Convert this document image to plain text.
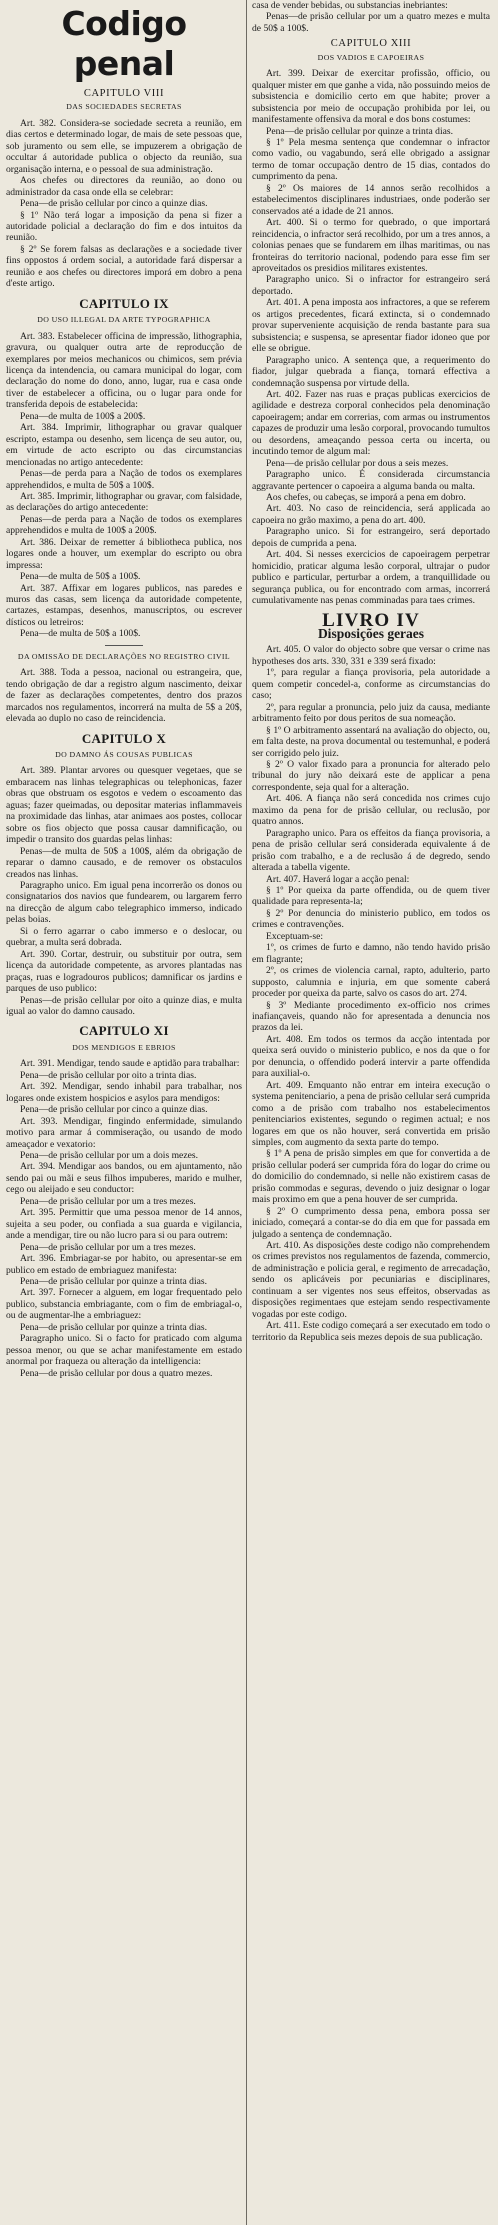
Codigo penal
CAPITULO VIII
DAS SOCIEDADES SECRETAS

Art. 382. Considera-se sociedade secreta a reunião, em dias certos e determinado logar, de mais de sete pessoas que, sob juramento ou sem elle, se impuzerem a obrigação de occultar á autoridade publica o objecto da reunião, sua organisação interna, e o pessoal de sua administração.

Aos chefes ou directores da reunião, ao dono ou administrador da casa onde ella se celebrar:

Pena—de prisão cellular por cinco a quinze dias.

§ 1º Não terá logar a imposição da pena si fizer a autoridade policial a declaração do fim e dos intuitos da reunião.

§ 2º Se forem falsas as declarações e a sociedade tiver fins oppostos á ordem social, a autoridade fará dispersar a reunião e aos chefes ou directores imporá em dobro a pena d'este artigo.

CAPITULO IX
DO USO ILLEGAL DA ARTE TYPOGRAPHICA

Art. 383. Estabelecer officina de impressão, lithographia, gravura, ou qualquer outra arte de reproducção de exemplares por meios mechanicos ou chimicos, sem prévia licença da intendencia, ou camara municipal do logar, com declaração do nome do dono, anno, lugar, rua e casa onde tiver de estabelecer a officina, ou o lugar para onde for transferida depois de estabelecida:

Pena—de multa de 100$ a 200$.

Art. 384. Imprimir, lithographar ou gravar qualquer escripto, estampa ou desenho, sem licença de seu autor, ou, em virtude de acto escripto ou das circumstancias mencionadas no artigo antecedente:

Penas—de perda para a Nação de todos os exemplares apprehendidos, e multa de 50$ a 100$.

Art. 385. Imprimir, lithographar ou gravar, com falsidade, as declarações do artigo antecedente:

Penas—de perda para a Nação de todos os exemplares apprehendidos e multa de 100$ a 200$.

Art. 386. Deixar de remetter á bibliotheca publica, nos logares onde a houver, um exemplar do escripto ou obra impressa:

Pena—de multa de 50$ a 100$.

Art. 387. Affixar em logares publicos, nas paredes e muros das casas, sem licença da autoridade competente, cartazes, estampas, desenhos, manuscriptos, ou escrever dísticos ou letreiros:

Pena—de multa de 50$ a 100$.

DA OMISSÃO DE DECLARAÇÕES NO REGISTRO CIVIL

Art. 388. Toda a pessoa, nacional ou estrangeira, que, tendo obrigação de dar a registro algum nascimento, deixar de fazer as declarações competentes, dentro dos prazos marcados nos regulamentos, incorrerá na multa de 5$ a 20$, elevada ao duplo no caso de reincidencia.

CAPITULO X
DO DAMNO ÁS COUSAS PUBLICAS

Art. 389. Plantar arvores ou quesquer vegetaes, que se embaracem nas linhas telegraphicas ou telephonicas, fazer obras que obstruam os esgotos e vedem o escoamento das aguas; fazer queimadas, ou depositar materias inflammaveis na proximidade das linhas, atar animaes aos postes, collocar sobre os fios objecto que possa causar damnificação, ou impedir o transito dos guardas pelas linhas:

Penas—de multa de 50$ a 100$, além da obrigação de reparar o damno causado, e de remover os obstaculos creados nas linhas.

Paragrapho unico. Em igual pena incorrerão os donos ou consignatarios dos navios que fundearem, ou largarem ferro na direcção de algum cabo telegraphico immerso, indicado pelas boias.

Si o ferro agarrar o cabo immerso e o deslocar, ou quebrar, a multa será dobrada.

Art. 390. Cortar, destruir, ou substituir por outra, sem licença da autoridade competente, as arvores plantadas nas praças, ruas e logradouros publicos; damnificar os jardins e parques de uso publico:

Penas—de prisão cellular por oito a quinze dias, e multa igual ao valor do damno causado.

CAPITULO XI
DOS MENDIGOS E EBRIOS

Art. 391. Mendigar, tendo saude e aptidão para trabalhar:

Pena—de prisão cellular por oito a trinta dias.

Art. 392. Mendigar, sendo inhabil para trabalhar, nos logares onde existem hospicios e asylos para mendigos:

Pena—de prisão cellular por cinco a quinze dias.

Art. 393. Mendigar, fingindo enfermidade, simulando motivo para armar á commiseração, ou usando de modo ameaçador e vexatorio:

Pena—de prisão cellular por um a dois mezes.

Art. 394. Mendigar aos bandos, ou em ajuntamento, não sendo pai ou mãi e seus filhos impuberes, marido e mulher, cego ou aleijado e seu conductor:

Pena—de prisão cellular por um a tres mezes.

Art. 395. Permittir que uma pessoa menor de 14 annos, sujeita a seu poder, ou confiada a sua guarda e vigilancia, ande a mendigar, tire ou não lucro para si ou para outrem:

Pena—de prisão cellular por um a tres mezes.

Art. 396. Embriagar-se por habito, ou apresentar-se em publico em estado de embriaguez manifesta:

Pena—de prisão cellular por quinze a trinta dias.

Art. 397. Fornecer a alguem, em logar frequentado pelo publico, substancia embriagante, com o fim de embriagal-o, ou de augmentar-lhe a embriaguez:

Pena—de prisão cellular por quinze a trinta dias.

Paragrapho unico. Si o facto for praticado com alguma pessoa menor, ou que se achar manifestamente em estado anormal por fraqueza ou alteração da intelligencia:

Pena—de prisão cellular por dous a quatro mezes.

casa de vender bebidas, ou substancias inebriantes:

Penas—de prisão cellular por um a quatro mezes e multa de 50$ a 100$.

CAPITULO XIII
DOS VADIOS E CAPOEIRAS

Art. 399. Deixar de exercitar profissão, officio, ou qualquer mister em que ganhe a vida, não possuindo meios de subsistencia e domicilio certo em que habite; prover a subsistencia por meio de occupação prohibida por lei, ou manifestamente offensiva da moral e dos bons costumes:

Pena—de prisão cellular por quinze a trinta dias.

§ 1º Pela mesma sentença que condemnar o infractor como vadio, ou vagabundo, será elle obrigado a assignar termo de tomar occupação dentro de 15 dias, contados do cumprimento da pena.

§ 2º Os maiores de 14 annos serão recolhidos a estabelecimentos disciplinares industriaes, onde poderão ser conservados até a idade de 21 annos.

Art. 400. Si o termo for quebrado, o que importará reincidencia, o infractor será recolhido, por um a tres annos, a colonias penaes que se fundarem em ilhas maritimas, ou nas fronteiras do territorio nacional, podendo para esse fim ser aproveitados os presidios militares existentes.

Paragrapho unico. Si o infractor for estrangeiro será deportado.

Art. 401. A pena imposta aos infractores, a que se referem os artigos precedentes, ficará extincta, si o condemnado provar superveniente acquisição de renda bastante para sua subsistencia; e suspensa, se apresentar fiador idoneo que por elle se obrigue.

Paragrapho unico. A sentença que, a requerimento do fiador, julgar quebrada a fiança, tornará effectiva a condemnação suspensa por virtude della.

Art. 402. Fazer nas ruas e praças publicas exercicios de agilidade e destreza corporal conhecidos pela denominação capoeiragem; andar em correrias, com armas ou instrumentos capazes de produzir uma lesão corporal, provocando tumultos ou desordens, ameaçando pessoa certa ou incerta, ou incutindo temor de algum mal:

Pena—de prisão cellular por dous a seis mezes.

Paragrapho unico. É considerada circumstancia aggravante pertencer o capoeira a alguma banda ou malta.

Aos chefes, ou cabeças, se imporá a pena em dobro.

Art. 403. No caso de reincidencia, será applicada ao capoeira no grão maximo, a pena do art. 400.

Paragrapho unico. Si for estrangeiro, será deportado depois de cumprida a pena.

Art. 404. Si nesses exercicios de capoeiragem perpetrar homicidio, praticar alguma lesão corporal, ultrajar o pudor publico e particular, perturbar a ordem, a tranquillidade ou segurança publica, ou for encontrado com armas, incorrerá cumulativamente nas penas comminadas para taes crimes.

LIVRO IV
Disposições geraes

Art. 405. O valor do objecto sobre que versar o crime nas hypotheses dos arts. 330, 331 e 339 será fixado:

1º, para regular a fiança provisoria, pela autoridade a quem competir concedel-a, conforme as circumstancias do caso;

2º, para regular a pronuncia, pelo juiz da causa, mediante arbitramento feito por dous peritos de sua nomeação.

§ 1º O arbitramento assentará na avaliação do objecto, ou, em falta deste, na prova documental ou testemunhal, e poderá ser corrigido pelo juiz.

§ 2º O valor fixado para a pronuncia for alterado pelo tribunal do jury não deixará este de applicar a pena correspondente, seja qual for a alteração.

Art. 406. A fiança não será concedida nos crimes cujo maximo da pena for de prisão cellular, ou reclusão, por quatro annos.

Paragrapho unico. Para os effeitos da fiança provisoria, a pena de prisão cellular será considerada equivalente á de prisão com trabalho, e a de reclusão á de degredo, sendo alterada a tabella vigente.

Art. 407. Haverá logar a acção penal:

§ 1º Por queixa da parte offendida, ou de quem tiver qualidade para representa-la;

§ 2º Por denuncia do ministerio publico, em todos os crimes e contravenções.

Exceptuam-se:

1º, os crimes de furto e damno, não tendo havido prisão em flagrante;

2º, os crimes de violencia carnal, rapto, adulterio, parto supposto, calumnia e injuria, em que somente caberá proceder por queixa da parte, salvo os casos do art. 274.

§ 3º Mediante procedimento ex-officio nos crimes inafiançaveis, quando não for apresentada a denuncia nos prazos da lei.

Art. 408. Em todos os termos da acção intentada por queixa será ouvido o ministerio publico, e nos da que o for por denuncia, o offendido poderá intervir a parte offendida para auxilial-o.

Art. 409. Emquanto não entrar em inteira execução o systema penitenciario, a pena de prisão cellular será cumprida como a de prisão com trabalho nos estabelecimentos penitenciarios existentes, segundo o regimen actual; e nos logares em que os não houver, será convertida em prisão simples, com augmento da sexta parte do tempo.

§ 1º A pena de prisão simples em que for convertida a de prisão cellular poderá ser cumprida fóra do logar do crime ou do domicilio do condemnado, si nelle não existirem casas de prisão commodas e seguras, devendo o juiz designar o logar mais proximo em que a pena houver de ser cumprida.

§ 2º O cumprimento dessa pena, embora possa ser iniciado, começará a contar-se do dia em que for passada em julgado a sentença de condemnação.

Art. 410. As disposições deste codigo não comprehendem os crimes previstos nos regulamentos de fazenda, commercio, de administração e policia geral, e regimento de arrecadação, sendo os aplicáveis por pecuniarias e disciplinares, continuam a ser vigentes nos seus effeitos, observadas as disposições regimentaes que estejam sendo respectivamente vogadas por este codigo.

Art. 411. Este codigo começará a ser executado em todo o territorio da Republica seis mezes depois de sua publicação.
